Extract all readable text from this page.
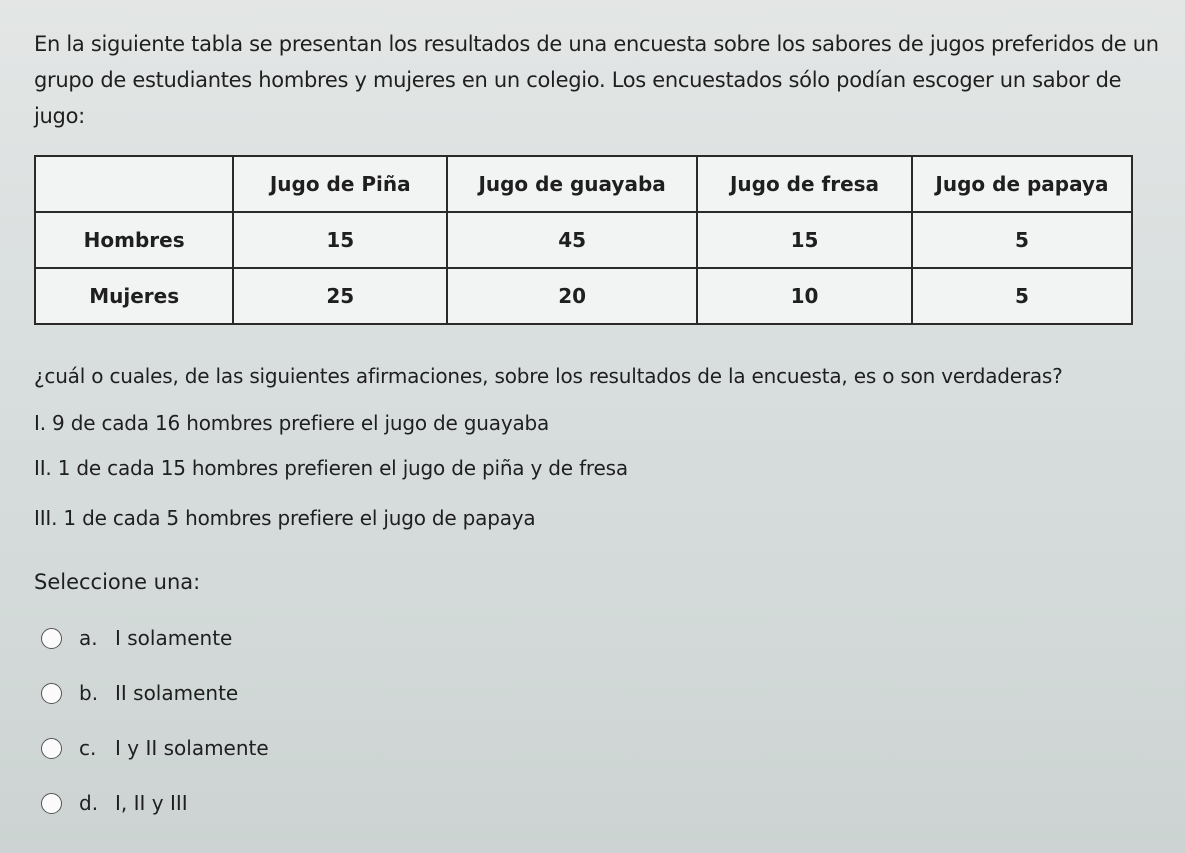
En la siguiente tabla se presentan los resultados de una encuesta sobre los sabores de jugos preferidos de un grupo de estudiantes hombres y mujeres en un colegio. Los encuestados sólo podían escoger un sabor de jugo:

	Jugo de Piña	Jugo de guayaba	Jugo de fresa	Jugo de papaya
Hombres	15	45	15	5
Mujeres	25	20	10	5

¿cuál o cuales, de las siguientes afirmaciones, sobre los resultados de la encuesta, es o son verdaderas?

I. 9 de cada 16 hombres prefiere el jugo de guayaba

II. 1 de cada 15 hombres prefieren el jugo de piña y de fresa

III. 1 de cada 5 hombres prefiere el jugo de papaya

Seleccione una:

a. I solamente
b. II solamente
c. I y II solamente
d. I, II y III
